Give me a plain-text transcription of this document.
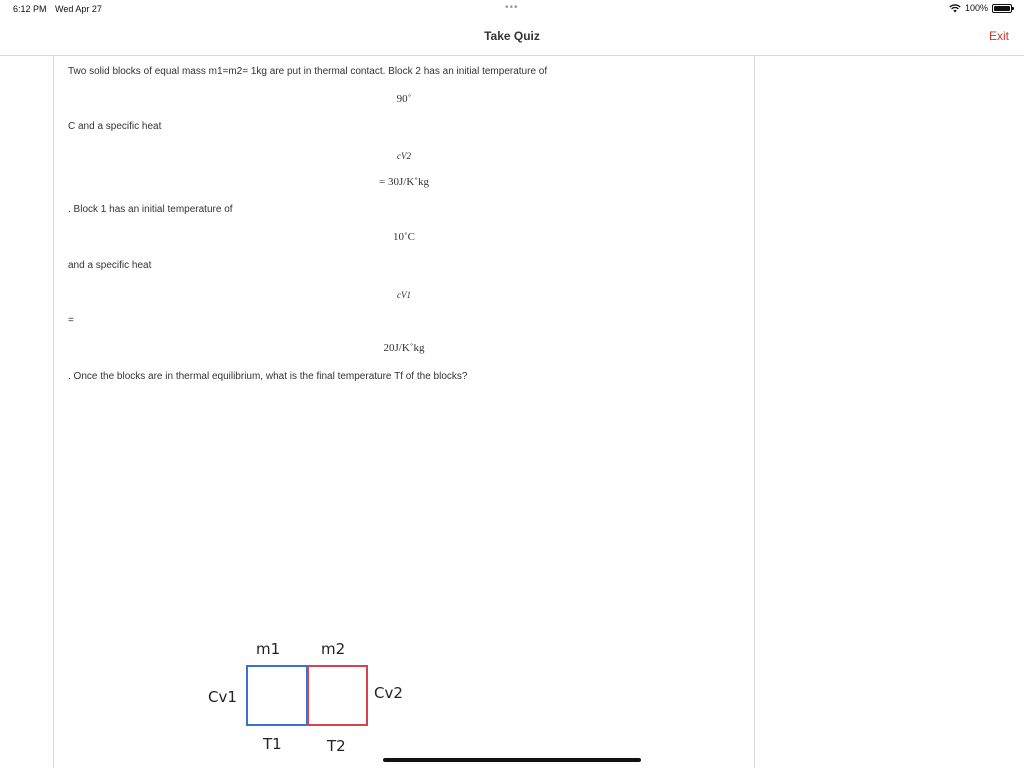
6:12 PM Wed Apr 27	•••	100%
Take Quiz	Exit
Two solid blocks of equal mass m1=m2= 1kg are put in thermal contact. Block 2 has an initial temperature of
90˚
C and a specific heat
cV2
= 30J/K˚kg
. Block 1 has an initial temperature of
10˚C
and a specific heat
cV1
=
20J/K˚kg
. Once the blocks are in thermal equilibrium, what is the final temperature Tf of the blocks?
m1	m2
Cv1	Cv2
T1	T2
